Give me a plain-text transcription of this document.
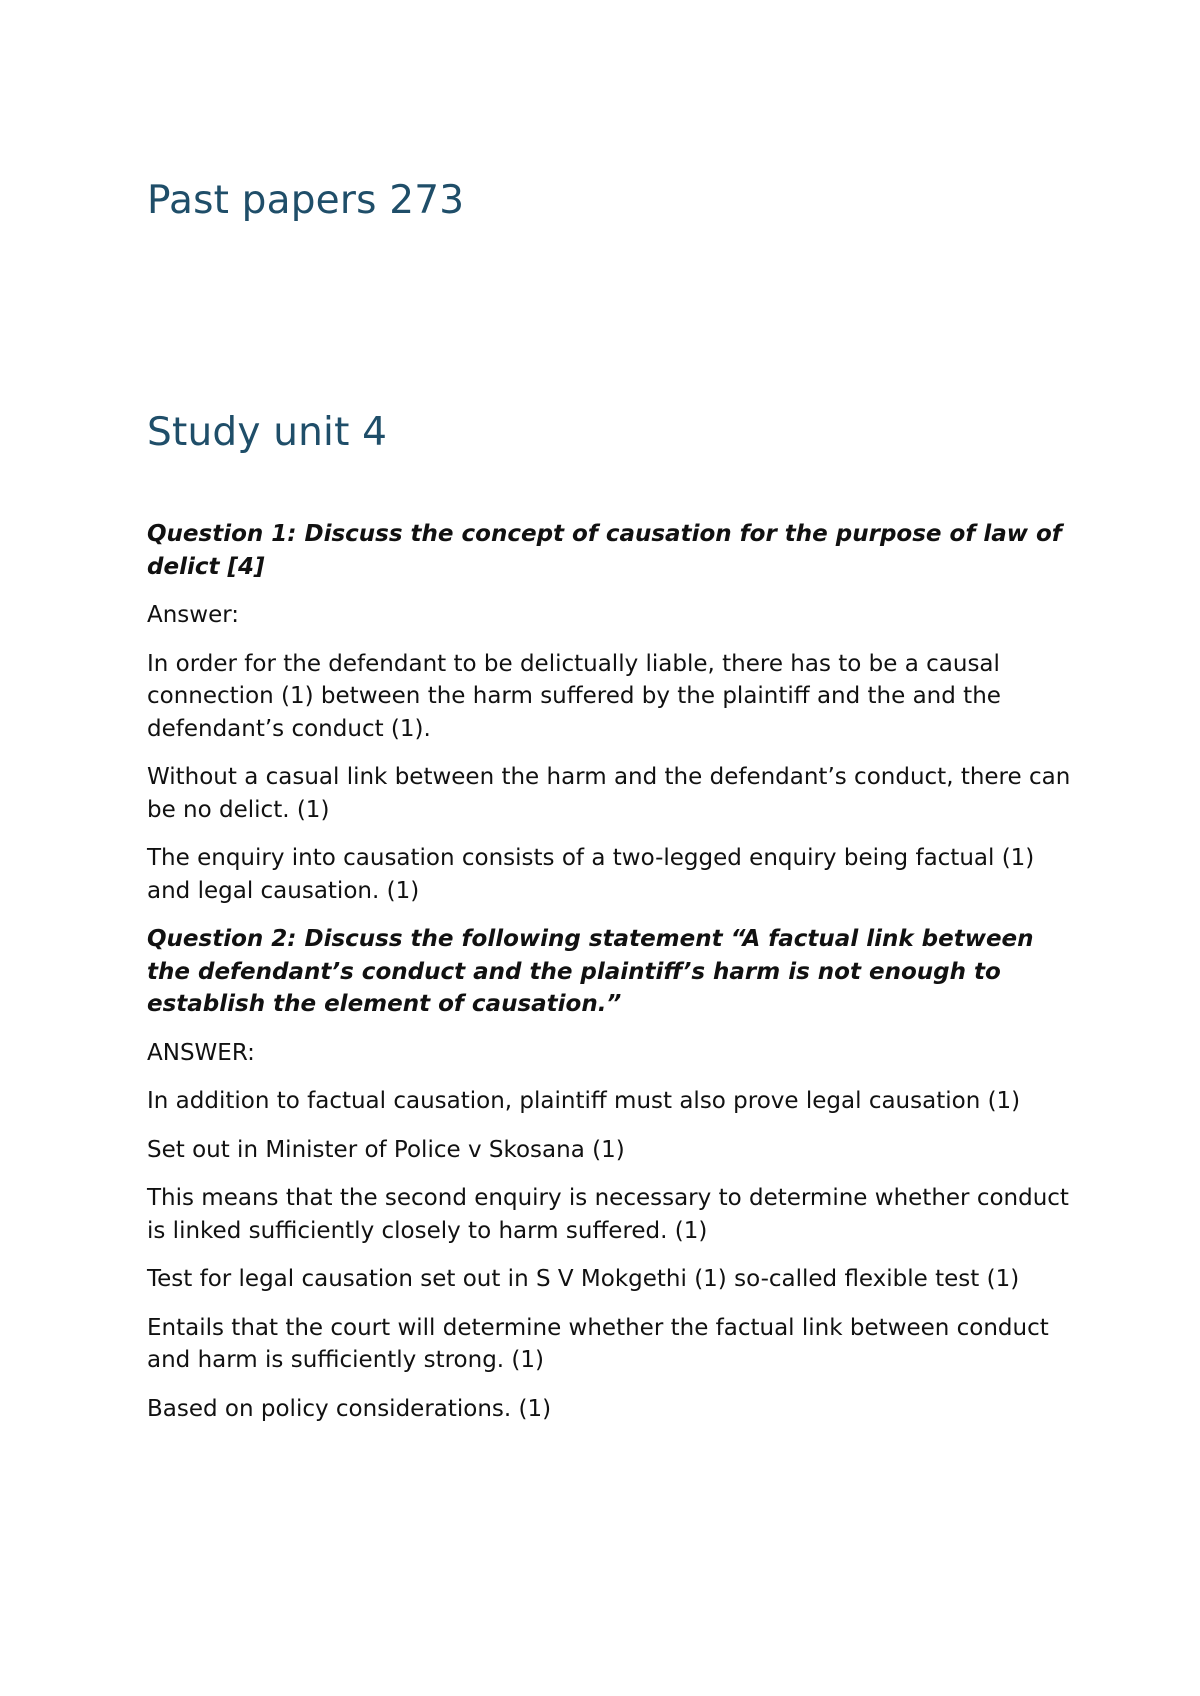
Past papers 273
Study unit 4

Question 1: Discuss the concept of causation for the purpose of law of delict [4]

Answer:

In order for the defendant to be delictually liable, there has to be a causal connection (1) between the harm suffered by the plaintiff and the and the defendant’s conduct (1).

Without a casual link between the harm and the defendant’s conduct, there can be no delict. (1)

The enquiry into causation consists of a two-legged enquiry being factual (1) and legal causation. (1)

Question 2: Discuss the following statement “A factual link between the defendant’s conduct and the plaintiff’s harm is not enough to establish the element of causation.”

ANSWER:

In addition to factual causation, plaintiff must also prove legal causation (1)

Set out in Minister of Police v Skosana (1)

This means that the second enquiry is necessary to determine whether conduct is linked sufficiently closely to harm suffered. (1)

Test for legal causation set out in S V Mokgethi (1) so-called flexible test (1)

Entails that the court will determine whether the factual link between conduct and harm is sufficiently strong. (1)

Based on policy considerations. (1)
